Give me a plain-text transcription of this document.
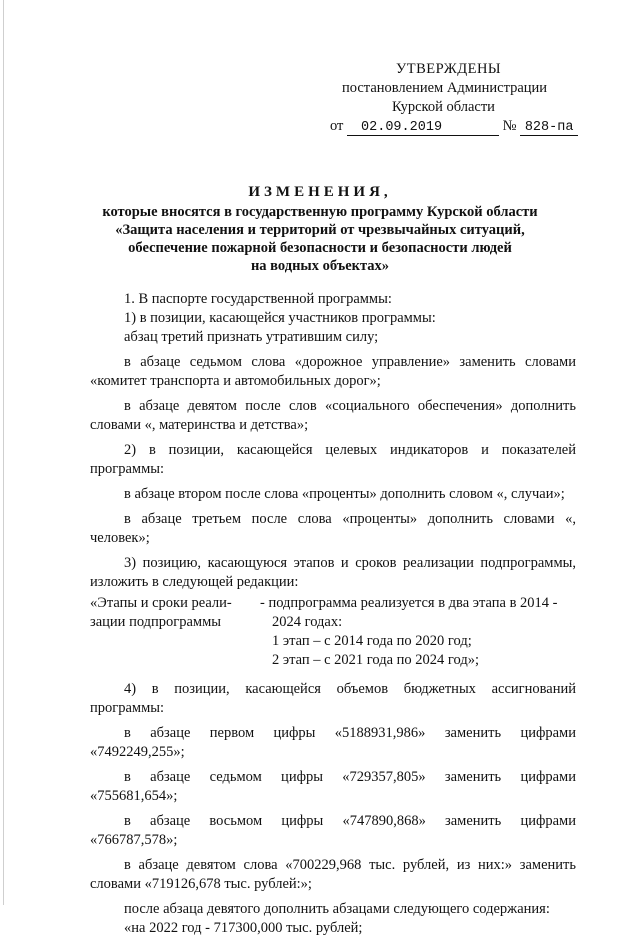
УТВЕРЖДЕНЫ
постановлением Администрации
Курской области
от 02.09.2019	№ 828-па
ИЗМЕНЕНИЯ,
которые вносятся в государственную программу Курской области
«Защита населения и территорий от чрезвычайных ситуаций,
обеспечение пожарной безопасности и безопасности людей
на водных объектах»

1. В паспорте государственной программы:

1) в позиции, касающейся участников программы:

абзац третий признать утратившим силу;

в абзаце седьмом слова «дорожное управление» заменить словами «комитет транспорта и автомобильных дорог»;

в абзаце девятом после слов «социального обеспечения» дополнить словами «, материнства и детства»;

2) в позиции, касающейся целевых индикаторов и показателей программы:

в абзаце втором после слова «проценты» дополнить словом «, случаи»;

в абзаце третьем после слова «проценты» дополнить словами «, человек»;

3) позицию, касающуюся этапов и сроков реализации подпрограммы, изложить в следующей редакции:

«Этапы и сроки реали-
зации подпрограммы
- подпрограмма реализуется в два этапа в 2014 -
2024 годах:
1 этап – с 2014 года по 2020 год;
2 этап – с 2021 года по 2024 год»;

4) в позиции, касающейся объемов бюджетных ассигнований программы:

в абзаце первом цифры «5188931,986» заменить цифрами

«7492249,255»;

в абзаце седьмом цифры «729357,805» заменить цифрами

«755681,654»;

в абзаце восьмом цифры «747890,868» заменить цифрами

«766787,578»;

в абзаце девятом слова «700229,968 тыс. рублей, из них:» заменить словами «719126,678 тыс. рублей:»;

после абзаца девятого дополнить абзацами следующего содержания:

«на 2022 год - 717300,000 тыс. рублей;
